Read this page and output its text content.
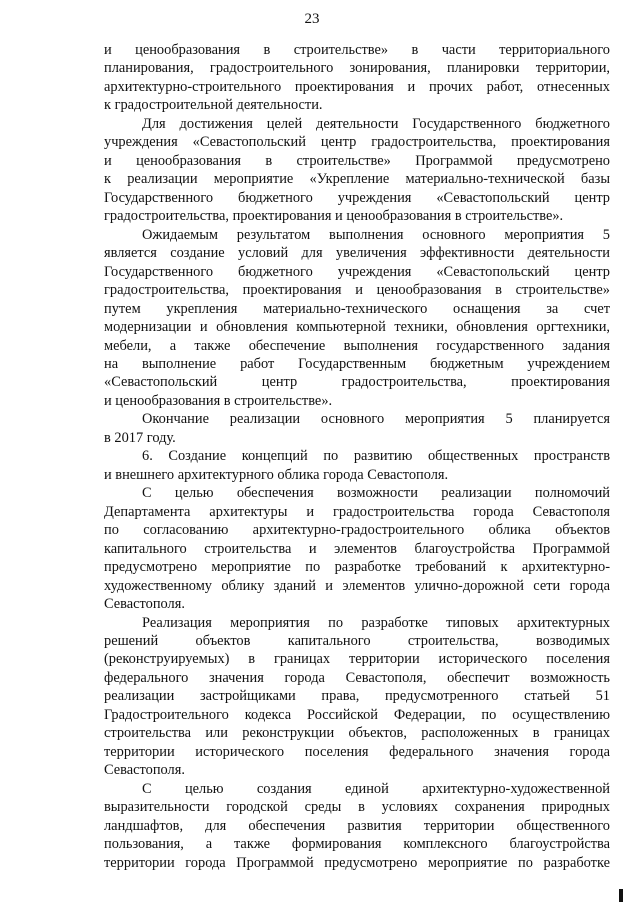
23
и ценообразования в строительстве» в части территориального
планирования, градостроительного зонирования, планировки территории,
архитектурно-строительного проектирования и прочих работ, отнесенных
к градостроительной деятельности.
Для достижения целей деятельности Государственного бюджетного
учреждения «Севастопольский центр градостроительства, проектирования
и ценообразования в строительстве» Программой предусмотрено
к реализации мероприятие «Укрепление материально-технической базы
Государственного бюджетного учреждения «Севастопольский центр
градостроительства, проектирования и ценообразования в строительстве».
Ожидаемым результатом выполнения основного мероприятия 5
является создание условий для увеличения эффективности деятельности
Государственного бюджетного учреждения «Севастопольский центр
градостроительства, проектирования и ценообразования в строительстве»
путем укрепления материально-технического оснащения за счет
модернизации и обновления компьютерной техники, обновления оргтехники,
мебели, а также обеспечение выполнения государственного задания
на выполнение работ Государственным бюджетным учреждением
«Севастопольский центр градостроительства, проектирования
и ценообразования в строительстве».
Окончание реализации основного мероприятия 5 планируется
в 2017 году.
6. Создание концепций по развитию общественных пространств
и внешнего архитектурного облика города Севастополя.
С целью обеспечения возможности реализации полномочий
Департамента архитектуры и градостроительства города Севастополя
по согласованию архитектурно-градостроительного облика объектов
капитального строительства и элементов благоустройства Программой
предусмотрено мероприятие по разработке требований к архитектурно-
художественному облику зданий и элементов улично-дорожной сети города
Севастополя.
Реализация мероприятия по разработке типовых архитектурных
решений объектов капитального строительства, возводимых
(реконструируемых) в границах территории исторического поселения
федерального значения города Севастополя, обеспечит возможность
реализации застройщиками права, предусмотренного статьей 51
Градостроительного кодекса Российской Федерации, по осуществлению
строительства или реконструкции объектов, расположенных в границах
территории исторического поселения федерального значения города
Севастополя.
С целью создания единой архитектурно-художественной
выразительности городской среды в условиях сохранения природных
ландшафтов, для обеспечения развития территории общественного
пользования, а также формирования комплексного благоустройства
территории города Программой предусмотрено мероприятие по разработке
